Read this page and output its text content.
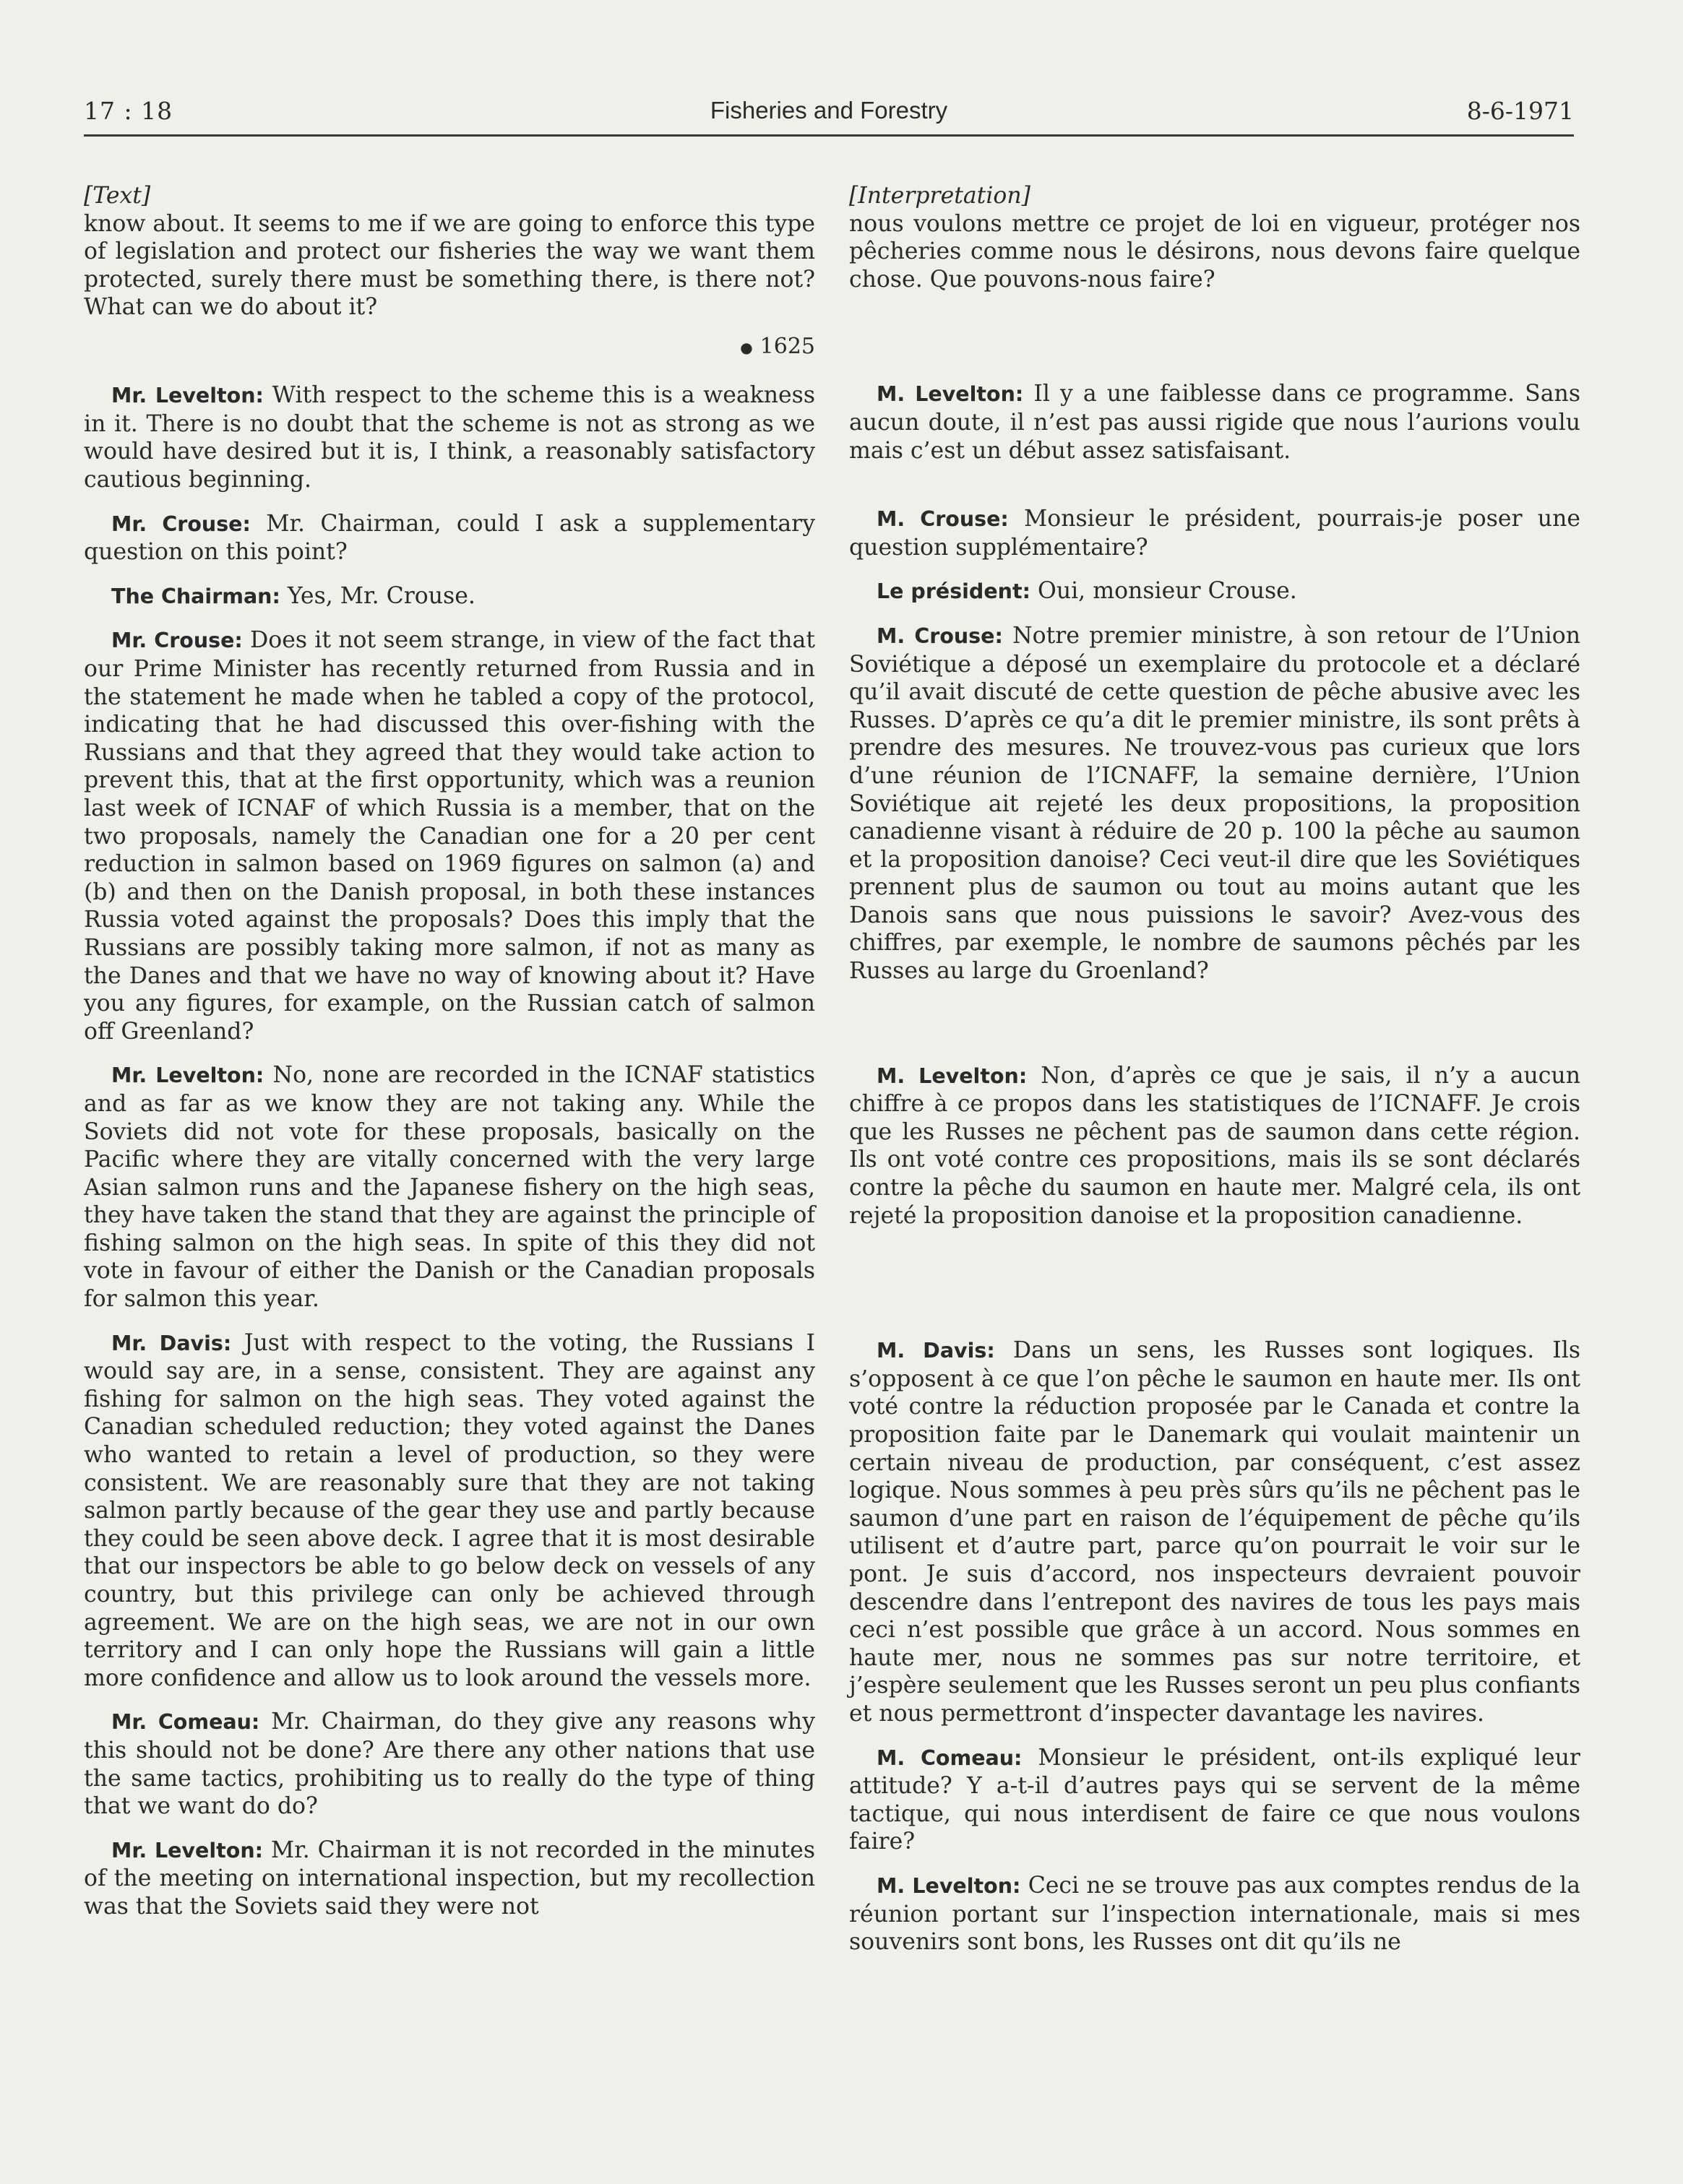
17 : 18	Fisheries and Forestry	8-6-1971

[Text]

know about. It seems to me if we are going to enforce this type of legislation and protect our fisheries the way we want them protected, surely there must be something there, is there not? What can we do about it?

● 1625

Mr. Levelton: With respect to the scheme this is a weakness in it. There is no doubt that the scheme is not as strong as we would have desired but it is, I think, a reasonably satisfactory cautious beginning.

Mr. Crouse: Mr. Chairman, could I ask a supplementary question on this point?

The Chairman: Yes, Mr. Crouse.

Mr. Crouse: Does it not seem strange, in view of the fact that our Prime Minister has recently returned from Russia and in the statement he made when he tabled a copy of the protocol, indicating that he had discussed this over-fishing with the Russians and that they agreed that they would take action to prevent this, that at the first opportunity, which was a reunion last week of ICNAF of which Russia is a member, that on the two proposals, namely the Canadian one for a 20 per cent reduction in salmon based on 1969 figures on salmon (a) and (b) and then on the Danish proposal, in both these instances Russia voted against the proposals? Does this imply that the Russians are possibly taking more salmon, if not as many as the Danes and that we have no way of knowing about it? Have you any figures, for example, on the Russian catch of salmon off Greenland?

Mr. Levelton: No, none are recorded in the ICNAF statistics and as far as we know they are not taking any. While the Soviets did not vote for these proposals, basically on the Pacific where they are vitally concerned with the very large Asian salmon runs and the Japanese fishery on the high seas, they have taken the stand that they are against the principle of fishing salmon on the high seas. In spite of this they did not vote in favour of either the Danish or the Canadian proposals for salmon this year.

Mr. Davis: Just with respect to the voting, the Russians I would say are, in a sense, consistent. They are against any fishing for salmon on the high seas. They voted against the Canadian scheduled reduction; they voted against the Danes who wanted to retain a level of production, so they were consistent. We are reasonably sure that they are not taking salmon partly because of the gear they use and partly because they could be seen above deck. I agree that it is most desirable that our inspectors be able to go below deck on vessels of any country, but this privilege can only be achieved through agreement. We are on the high seas, we are not in our own territory and I can only hope the Russians will gain a little more confidence and allow us to look around the vessels more.

Mr. Comeau: Mr. Chairman, do they give any reasons why this should not be done? Are there any other nations that use the same tactics, prohibiting us to really do the type of thing that we want do do?

Mr. Levelton: Mr. Chairman it is not recorded in the minutes of the meeting on international inspection, but my recollection was that the Soviets said they were not

[Interpretation]

nous voulons mettre ce projet de loi en vigueur, protéger nos pêcheries comme nous le désirons, nous devons faire quelque chose. Que pouvons-nous faire?

M. Levelton: Il y a une faiblesse dans ce programme. Sans aucun doute, il n’est pas aussi rigide que nous l’aurions voulu mais c’est un début assez satisfaisant.

M. Crouse: Monsieur le président, pourrais-je poser une question supplémentaire?

Le président: Oui, monsieur Crouse.

M. Crouse: Notre premier ministre, à son retour de l’Union Soviétique a déposé un exemplaire du protocole et a déclaré qu’il avait discuté de cette question de pêche abusive avec les Russes. D’après ce qu’a dit le premier ministre, ils sont prêts à prendre des mesures. Ne trouvez-vous pas curieux que lors d’une réunion de l’ICNAFF, la semaine dernière, l’Union Soviétique ait rejeté les deux propositions, la proposition canadienne visant à réduire de 20 p. 100 la pêche au saumon et la proposition danoise? Ceci veut-il dire que les Soviétiques prennent plus de saumon ou tout au moins autant que les Danois sans que nous puissions le savoir? Avez-vous des chiffres, par exemple, le nombre de saumons pêchés par les Russes au large du Groenland?

M. Levelton: Non, d’après ce que je sais, il n’y a aucun chiffre à ce propos dans les statistiques de l’ICNAFF. Je crois que les Russes ne pêchent pas de saumon dans cette région. Ils ont voté contre ces propositions, mais ils se sont déclarés contre la pêche du saumon en haute mer. Malgré cela, ils ont rejeté la proposition danoise et la proposition canadienne.

M. Davis: Dans un sens, les Russes sont logiques. Ils s’opposent à ce que l’on pêche le saumon en haute mer. Ils ont voté contre la réduction proposée par le Canada et contre la proposition faite par le Danemark qui voulait maintenir un certain niveau de production, par conséquent, c’est assez logique. Nous sommes à peu près sûrs qu’ils ne pêchent pas le saumon d’une part en raison de l’équipement de pêche qu’ils utilisent et d’autre part, parce qu’on pourrait le voir sur le pont. Je suis d’accord, nos inspecteurs devraient pouvoir descendre dans l’entrepont des navires de tous les pays mais ceci n’est possible que grâce à un accord. Nous sommes en haute mer, nous ne sommes pas sur notre territoire, et j’espère seulement que les Russes seront un peu plus confiants et nous permettront d’inspecter davantage les navires.

M. Comeau: Monsieur le président, ont-ils expliqué leur attitude? Y a-t-il d’autres pays qui se servent de la même tactique, qui nous interdisent de faire ce que nous voulons faire?

M. Levelton: Ceci ne se trouve pas aux comptes rendus de la réunion portant sur l’inspection internationale, mais si mes souvenirs sont bons, les Russes ont dit qu’ils ne
